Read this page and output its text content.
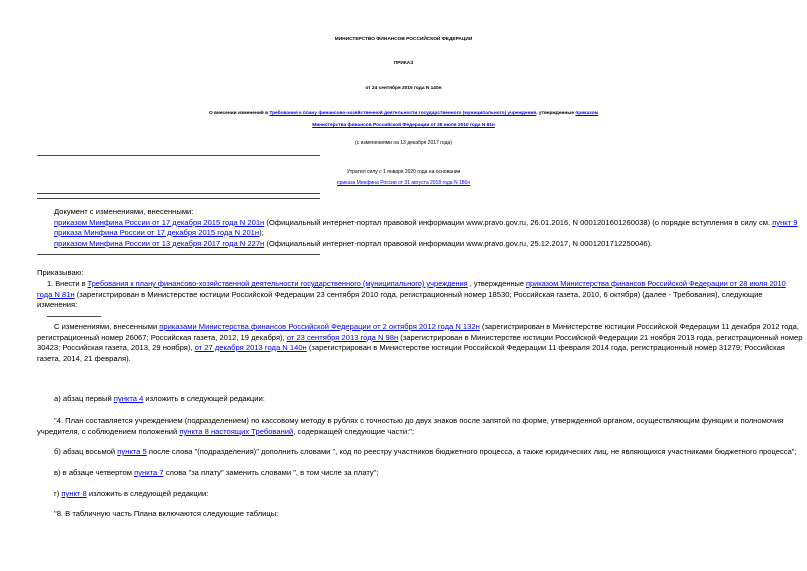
МИНИСТЕРСТВО ФИНАНСОВ РОССИЙСКОЙ ФЕДЕРАЦИИ
ПРИКАЗ
от 24 сентября 2015 года N 140н
О внесении изменений в Требования к плану финансово-хозяйственной деятельности государственного (муниципального) учреждения, утвержденные приказом
Министерства финансов Российской Федерации от 28 июля 2010 года N 81н
(с изменениями на 13 декабря 2017 года)
Утратил силу с 1 января 2020 года на основании
приказа Минфина России от 31 августа 2018 года N 186н
Документ с изменениями, внесенными:
приказом Минфина России от 17 декабря 2015 года N 201н (Официальный интернет-портал правовой информации www.pravo.gov.ru, 26.01.2016, N 0001201601260038) (о порядке вступления в силу см. пункт 9
приказа Минфина России от 17 декабря 2015 года N 201н);
приказом Минфина России от 13 декабря 2017 года N 227н (Официальный интернет-портал правовой информации www.pravo.gov.ru, 25.12.2017, N 0001201712250046).
Приказываю:
1. Внести в Требования к плану финансово-хозяйственной деятельности государственного (муниципального) учреждения , утвержденные приказом Министерства финансов Российской Федерации от 28 июля 2010
года N 81н (зарегистрирован в Министерстве юстиции Российской Федерации 23 сентября 2010 года, регистрационный номер 18530; Российская газета, 2010, 6 октября) (далее - Требования), следующие
изменения:
С изменениями, внесенными приказами Министерства финансов Российской Федерации от 2 октября 2012 года N 132н (зарегистрирован в Министерстве юстиции Российской Федерации 11 декабря 2012 года,
регистрационный номер 26067; Российская газета, 2012, 19 декабря), от 23 сентября 2013 года N 98н (зарегистрирован в Министерстве юстиции Российской Федерации 21 ноября 2013 года, регистрационный номер
30423; Российская газета, 2013, 29 ноября), от 27 декабря 2013 года N 140н (зарегистрирован в Министерстве юстиции Российской Федерации 11 февраля 2014 года, регистрационный номер 31279; Российская
газета, 2014, 21 февраля).
а) абзац первый пункта 4 изложить в следующей редакции:
"4. План составляется учреждением (подразделением) по кассовому методу в рублях с точностью до двух знаков после запятой по форме, утвержденной органом, осуществляющим функции и полномочия
учредителя, с соблюдением положений пункта 8 настоящих Требований, содержащей следующие части:";
б) абзац восьмой пункта 5 после слова "(подразделения)" дополнить словами ", код по реестру участников бюджетного процесса, а также юридических лиц, не являющихся участниками бюджетного процесса";
в) в абзаце четвертом пункта 7 слова "за плату" заменить словами ", в том числе за плату";
г) пункт 8 изложить в следующей редакции:
"8. В табличную часть Плана включаются следующие таблицы:
